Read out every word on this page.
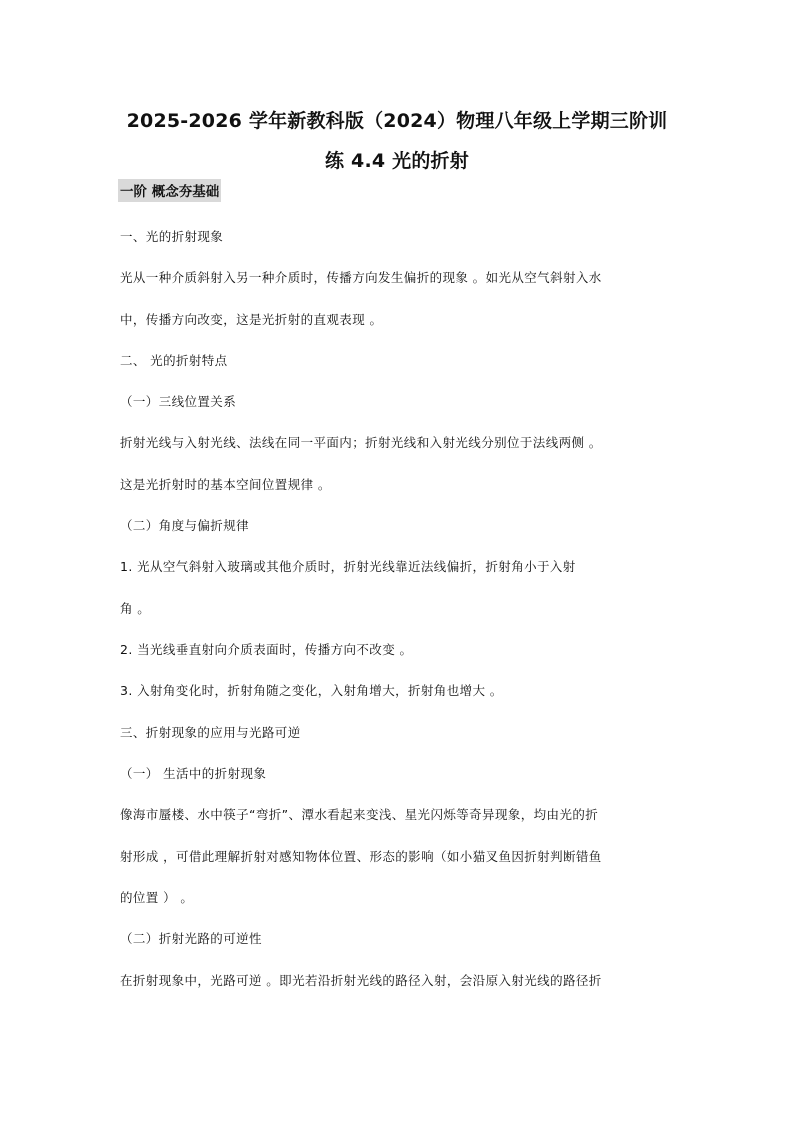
2025-2026 学年新教科版（2024）物理八年级上学期三阶训
练 4.4 光的折射
一阶 概念夯基础
一、光的折射现象
光从一种介质斜射入另一种介质时，传播方向发生偏折的现象 。如光从空气斜射入水
中，传播方向改变，这是光折射的直观表现 。
二、 光的折射特点
（一）三线位置关系
折射光线与入射光线、法线在同一平面内；折射光线和入射光线分别位于法线两侧 。
这是光折射时的基本空间位置规律 。
（二）角度与偏折规律
1. 光从空气斜射入玻璃或其他介质时，折射光线靠近法线偏折，折射角小于入射
角 。
2. 当光线垂直射向介质表面时，传播方向不改变 。
3. 入射角变化时，折射角随之变化，入射角增大，折射角也增大 。
三、折射现象的应用与光路可逆
（一） 生活中的折射现象
像海市蜃楼、水中筷子“弯折”、潭水看起来变浅、星光闪烁等奇异现象，均由光的折
射形成 ，可借此理解折射对感知物体位置、形态的影响（如小猫叉鱼因折射判断错鱼
的位置 ） 。
（二）折射光路的可逆性
在折射现象中，光路可逆 。即光若沿折射光线的路径入射，会沿原入射光线的路径折
